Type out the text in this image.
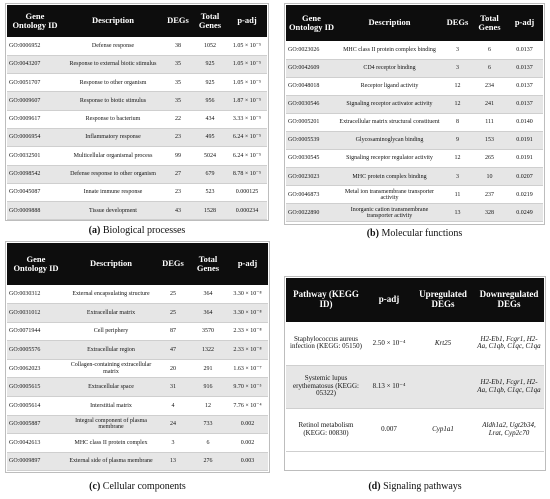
Gene Ontology ID	Description	DEGs	Total Genes	p-adj
GO:0006952	Defense response	38	1052	1.05 × 10⁻⁵
GO:0043207	Response to external biotic stimulus	35	925	1.05 × 10⁻⁵
GO:0051707	Response to other organism	35	925	1.05 × 10⁻⁵
GO:0009607	Response to biotic stimulus	35	956	1.87 × 10⁻⁵
GO:0009617	Response to bacterium	22	434	3.33 × 10⁻⁵
GO:0006954	Inflammatory response	23	495	6.24 × 10⁻⁵
GO:0032501	Multicellular organismal process	99	5024	6.24 × 10⁻⁵
GO:0098542	Defense response to other organism	27	679	8.78 × 10⁻⁵
GO:0045087	Innate immune response	23	523	0.000125
GO:0009888	Tissue development	43	1528	0.000234
(a) Biological processes
Gene Ontology ID	Description	DEGs	Total Genes	p-adj
GO:0023026	MHC class II protein complex binding	3	6	0.0137
GO:0042609	CD4 receptor binding	3	6	0.0137
GO:0048018	Receptor ligand activity	12	234	0.0137
GO:0030546	Signaling receptor activator activity	12	241	0.0137
GO:0005201	Extracellular matrix structural constituent	8	111	0.0140
GO:0005539	Glycosaminoglycan binding	9	153	0.0191
GO:0030545	Signaling receptor regulator activity	12	265	0.0191
GO:0023023	MHC protein complex binding	3	10	0.0207
GO:0046873	Metal ion transmembrane transporter activity	11	237	0.0219
GO:0022890	Inorganic cation transmembrane transporter activity	13	328	0.0249
(b) Molecular functions
Gene Ontology ID	Description	DEGs	Total Genes	p-adj
GO:0030312	External encapsulating structure	25	364	3.30 × 10⁻⁸
GO:0031012	Extracellular matrix	25	364	3.30 × 10⁻⁸
GO:0071944	Cell periphery	87	3570	2.33 × 10⁻⁸
GO:0005576	Extracellular region	47	1322	2.33 × 10⁻⁸
GO:0062023	Collagen-containing extracellular matrix	20	291	1.63 × 10⁻⁷
GO:0005615	Extracellular space	31	916	9.70 × 10⁻⁵
GO:0005614	Interstitial matrix	4	12	7.76 × 10⁻⁴
GO:0005887	Integral component of plasma membrane	24	733	0.002
GO:0042613	MHC class II protein complex	3	6	0.002
GO:0009897	External side of plasma membrane	13	276	0.003
(c) Cellular components
Pathway (KEGG ID)	p-adj	Upregulated DEGs	Downregulated DEGs
Staphylococcus aureus infection (KEGG: 05150)	2.50 × 10⁻⁴	Krt25	H2-Eb1, Fcgr1, H2-Aa, C1qb, C1qc, C1qa
Systemic lupus erythematosus (KEGG: 05322)	8.13 × 10⁻⁴		H2-Eb1, Fcgr1, H2-Aa, C1qb, C1qc, C1qa
Retinol metabolism (KEGG: 00830)	0.007	Cyp1a1	Aldh1a2, Ugt2b34, Lrat, Cyp2c70
(d) Signaling pathways
